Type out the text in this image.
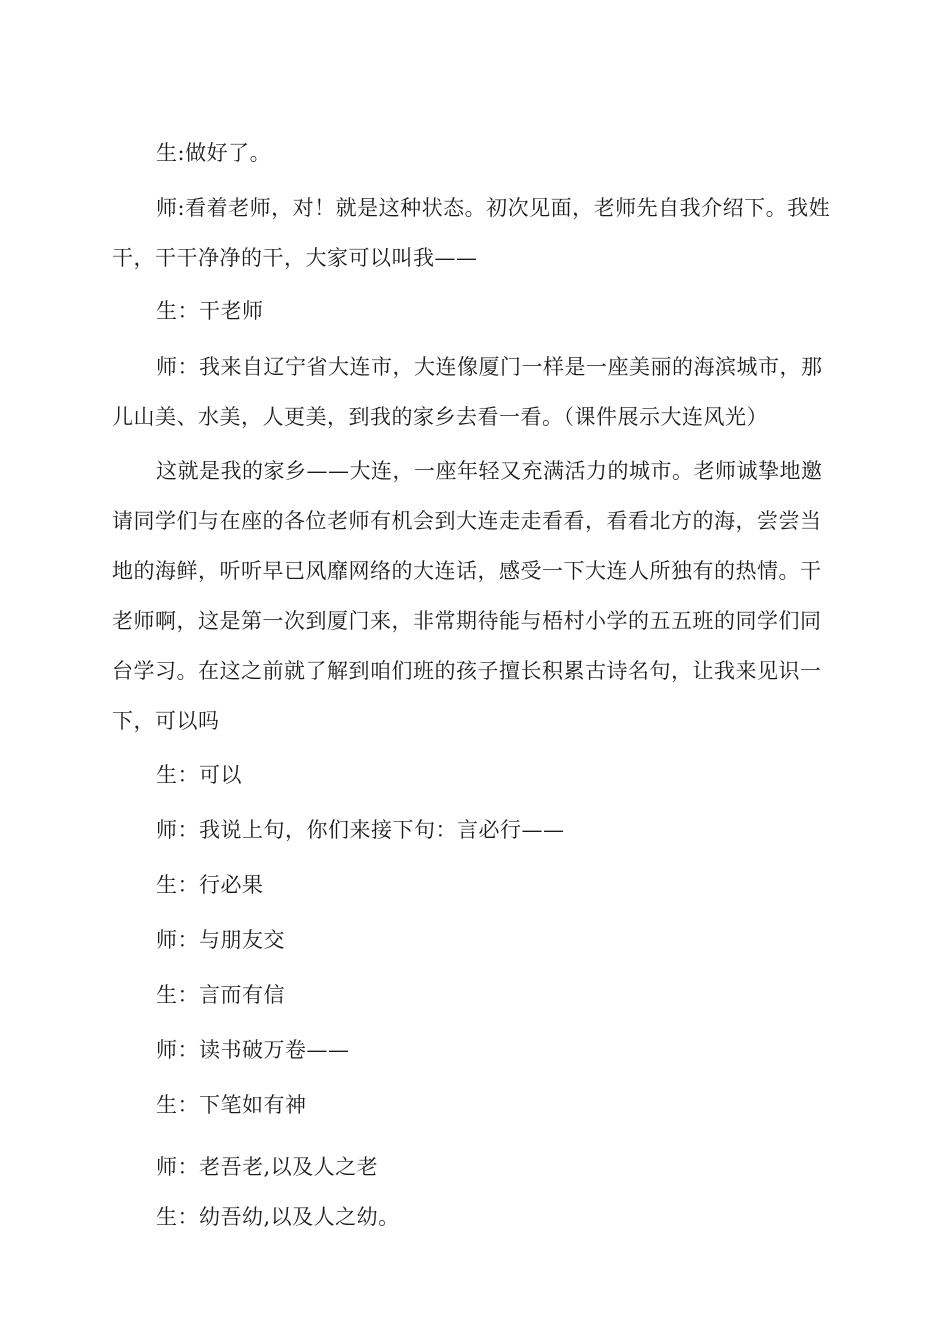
生:做好了。

师:看着老师，对！就是这种状态。初次见面，老师先自我介绍下。我姓干，干干净净的干，大家可以叫我——

生：干老师

师：我来自辽宁省大连市，大连像厦门一样是一座美丽的海滨城市，那儿山美、水美，人更美，到我的家乡去看一看。（课件展示大连风光）

这就是我的家乡——大连，一座年轻又充满活力的城市。老师诚挚地邀请同学们与在座的各位老师有机会到大连走走看看，看看北方的海，尝尝当地的海鲜，听听早已风靡网络的大连话，感受一下大连人所独有的热情。干老师啊，这是第一次到厦门来，非常期待能与梧村小学的五五班的同学们同台学习。在这之前就了解到咱们班的孩子擅长积累古诗名句，让我来见识一下，可以吗

生：可以

师：我说上句，你们来接下句：言必行——

生：行必果

师：与朋友交

生：言而有信

师：读书破万卷——

生：下笔如有神

师：老吾老,以及人之老

生：幼吾幼,以及人之幼。
